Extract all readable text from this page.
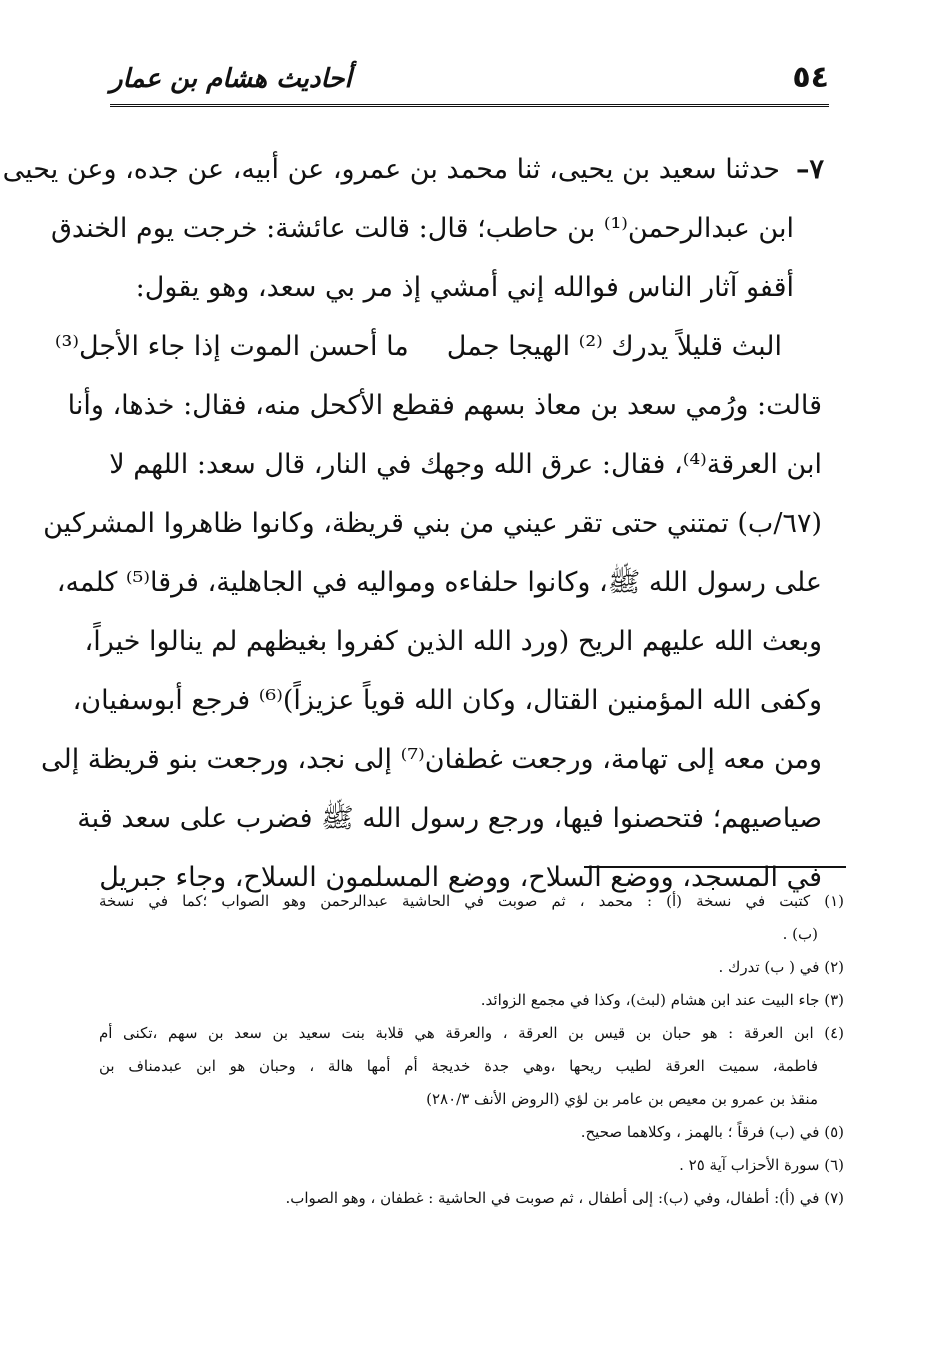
٥٤
أحاديث هشام بن عمار
٧–
حدثنا سعيد بن يحيى، ثنا محمد بن عمرو، عن أبيه، عن جده، وعن يحيى
ابن عبدالرحمن⁽¹⁾ بن حاطب؛ قال: قالت عائشة: خرجت يوم الخندق
أقفو آثار الناس فوالله إني أمشي إذ مر بي سعد، وهو يقول:
البث قليلاً يدرك ⁽²⁾ الهيجا جملما أحسن الموت إذا جاء الأجل⁽³⁾
قالت: ورُمي سعد بن معاذ بسهم فقطع الأكحل منه، فقال: خذها، وأنا
ابن العرقة⁽⁴⁾، فقال: عرق الله وجهك في النار، قال سعد: اللهم لا
(٦٧/ب) تمتني حتى تقر عيني من بني قريظة، وكانوا ظاهروا المشركين
على رسول الله ﷺ، وكانوا حلفاءه ومواليه في الجاهلية، فرقا⁽⁵⁾ كلمه،
وبعث الله عليهم الريح (ورد الله الذين كفروا بغيظهم لم ينالوا خيراً،
وكفى الله المؤمنين القتال، وكان الله قوياً عزيزاً)⁽⁶⁾ فرجع أبوسفيان،
ومن معه إلى تهامة، ورجعت غطفان⁽⁷⁾ إلى نجد، ورجعت بنو قريظة إلى
صياصيهم؛ فتحصنوا فيها، ورجع رسول الله ﷺ فضرب على سعد قبة
في المسجد، ووضع السلاح، ووضع المسلمون السلاح، وجاء جبريل
(١) كتبت في نسخة (أ) : محمد ، ثم صوبت في الحاشية عبدالرحمن وهو الصواب ؛كما في نسخة
(ب) .
(٢) في ( ب) تدرك .
(٣) جاء البيت عند ابن هشام (لبث)، وكذا في مجمع الزوائد.
(٤) ابن العرقة : هو حبان بن قيس بن العرقة ، والعرقة هي قلابة بنت سعيد بن سعد بن سهم ،تكنى أم
فاطمة، سميت العرقة لطيب ريحها ،وهي جدة خديجة أم أمها هالة ، وحبان هو ابن عبدمناف بن
منقذ بن عمرو بن معيص بن عامر بن لؤي (الروض الأنف ٢٨٠/٣)
(٥) في (ب) فرقاً ؛ بالهمز ، وكلاهما صحيح.
(٦) سورة الأحزاب آية ٢٥ .
(٧) في (أ): أطفال، وفي (ب): إلى أطفال ، ثم صوبت في الحاشية : غطفان ، وهو الصواب.
